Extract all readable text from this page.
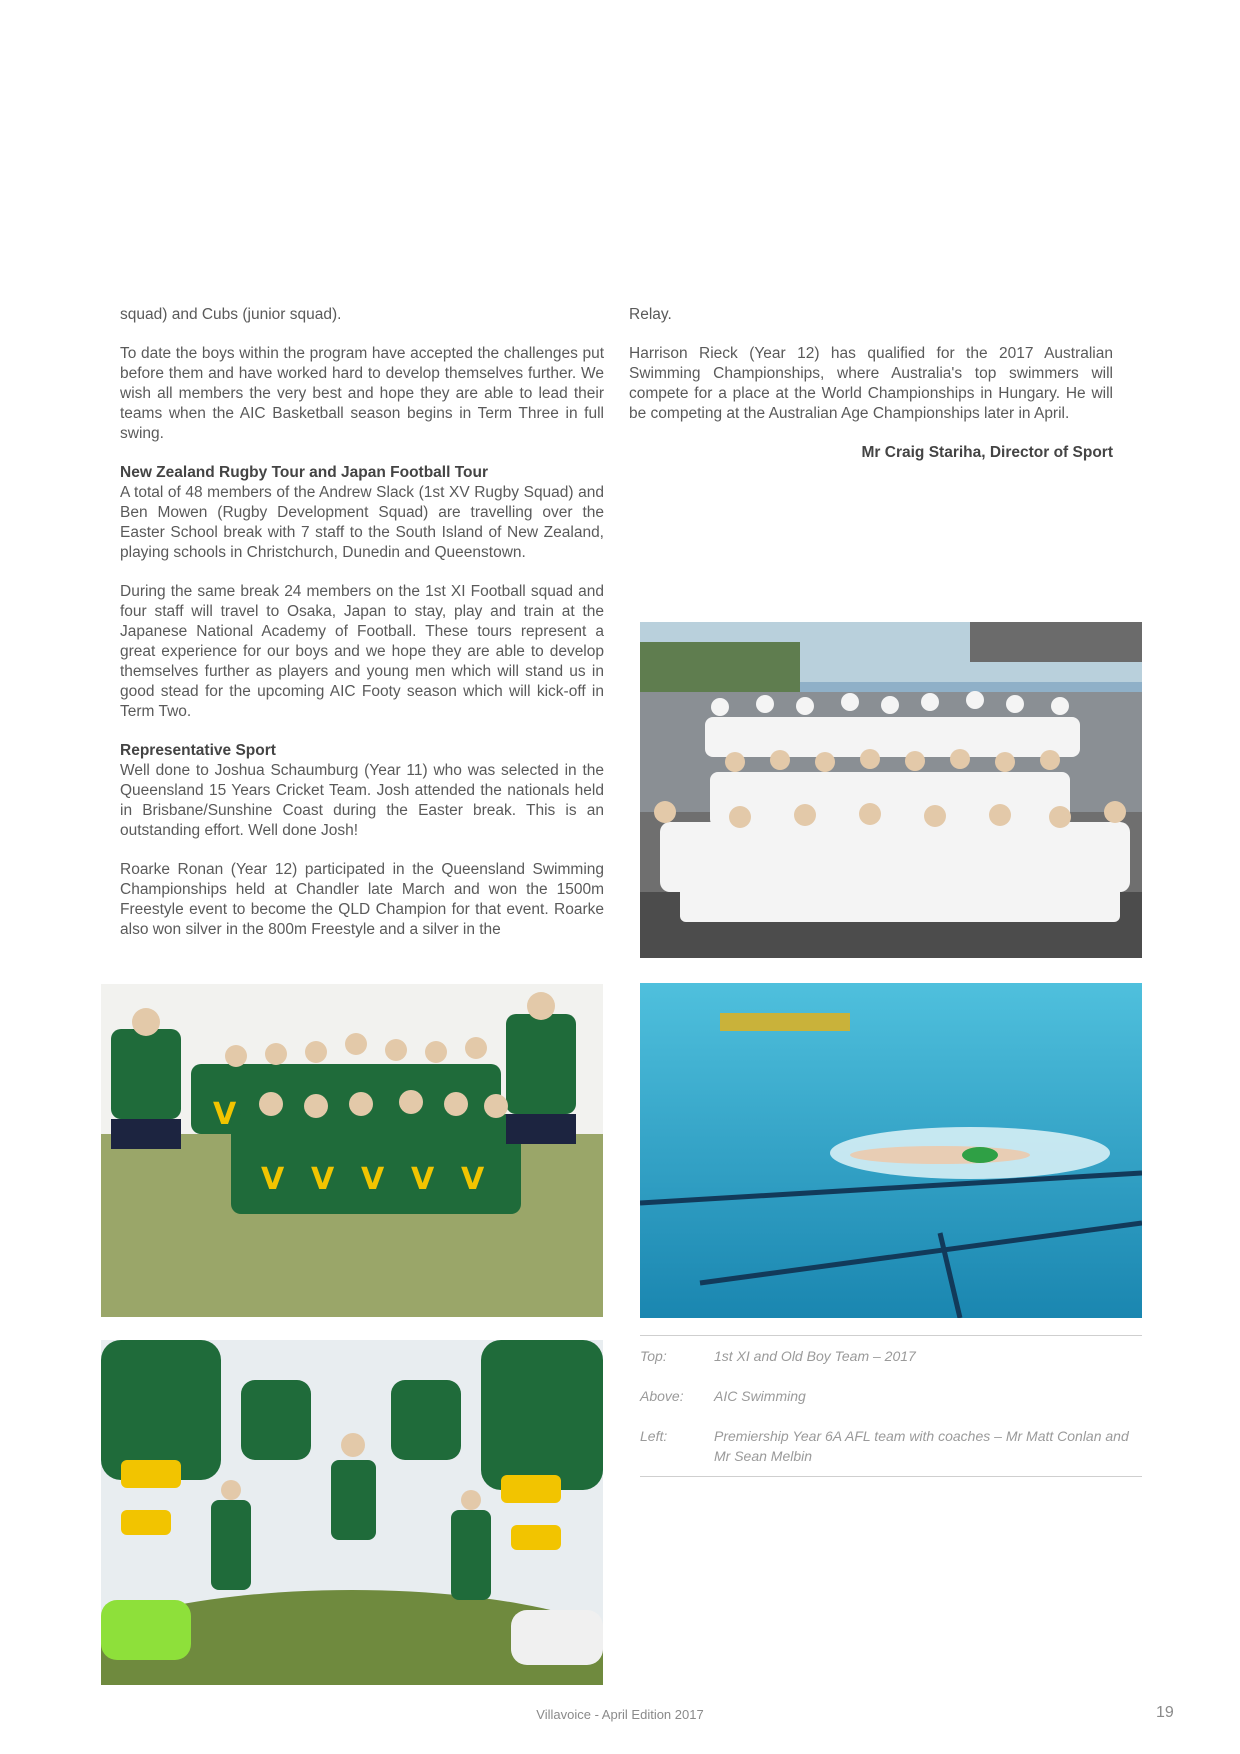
squad) and Cubs (junior squad).

To date the boys within the program have accepted the challenges put before them and have worked hard to develop themselves further. We wish all members the very best and hope they are able to lead their teams when the AIC Basketball season begins in Term Three in full swing.

New Zealand Rugby Tour and Japan Football Tour

A total of 48 members of the Andrew Slack (1st XV Rugby Squad) and Ben Mowen (Rugby Development Squad) are travelling over the Easter School break with 7 staff to the South Island of New Zealand, playing schools in Christchurch, Dunedin and Queenstown.

During the same break 24 members on the 1st XI Football squad and four staff will travel to Osaka, Japan to stay, play and train at the Japanese National Academy of Football. These tours represent a great experience for our boys and we hope they are able to develop themselves further as players and young men which will stand us in good stead for the upcoming AIC Footy season which will kick-off in Term Two.

Representative Sport

Well done to Joshua Schaumburg (Year 11) who was selected in the Queensland 15 Years Cricket Team. Josh attended the nationals held in Brisbane/Sunshine Coast during the Easter break. This is an outstanding effort. Well done Josh!

Roarke Ronan (Year 12) participated in the Queensland Swimming Championships held at Chandler late March and won the 1500m Freestyle event to become the QLD Champion for that event. Roarke also won silver in the 800m Freestyle and a silver in the

Relay.

Harrison Rieck (Year 12) has qualified for the 2017 Australian Swimming Championships, where Australia's top swimmers will compete for a place at the World Championships in Hungary. He will be competing at the Australian Age Championships later in April.

Mr Craig Stariha, Director of Sport

V
V V V V V
Top:	1st XI and Old Boy Team – 2017
Above:	AIC Swimming
Left:	Premiership Year 6A AFL team with coaches – Mr Matt Conlan and Mr Sean Melbin
Villavoice - April Edition 2017	19
